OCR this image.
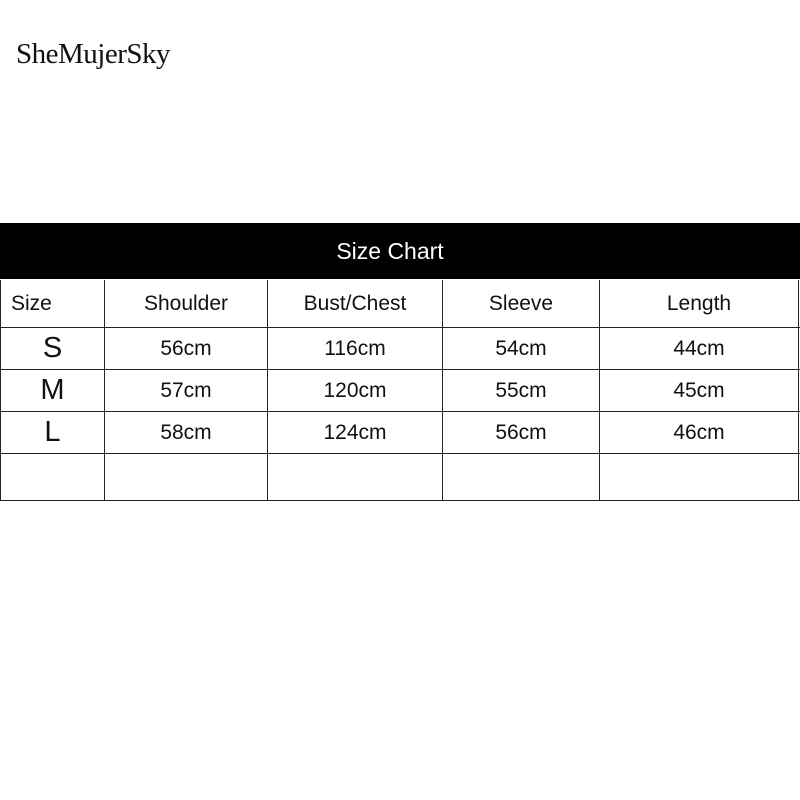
SheMujerSky
Size Chart
Size	Shoulder	Bust/Chest	Sleeve	Length
S	56cm	116cm	54cm	44cm
M	57cm	120cm	55cm	45cm
L	58cm	124cm	56cm	46cm
